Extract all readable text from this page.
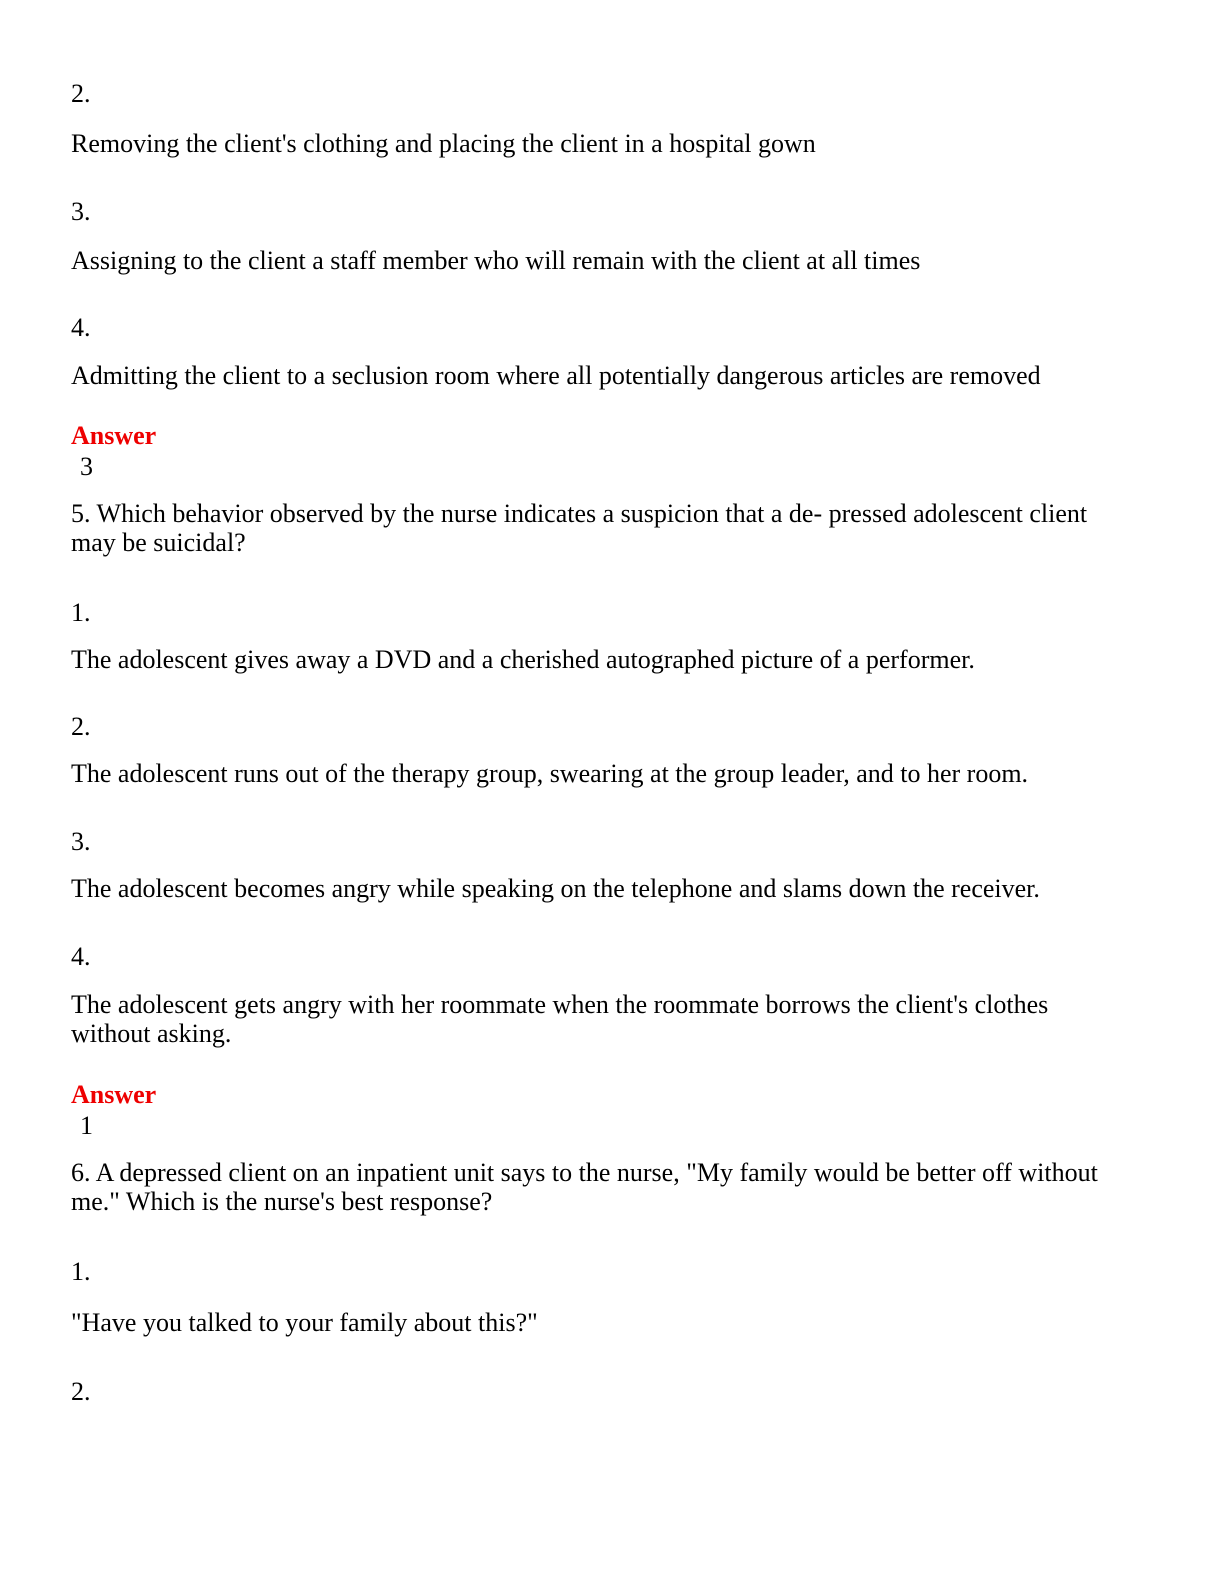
2.

Removing the client's clothing and placing the client in a hospital gown

3.

Assigning to the client a staff member who will remain with the client at all times

4.

Admitting the client to a seclusion room where all potentially dangerous articles are removed

Answer

3

5. Which behavior observed by the nurse indicates a suspicion that a de- pressed adolescent client may be suicidal?

1.

The adolescent gives away a DVD and a cherished autographed picture of a performer.

2.

The adolescent runs out of the therapy group, swearing at the group leader, and to her room.

3.

The adolescent becomes angry while speaking on the telephone and slams down the receiver.

4.

The adolescent gets angry with her roommate when the roommate borrows the client's clothes without asking.

Answer

1

6. A depressed client on an inpatient unit says to the nurse, "My family would be better off without me." Which is the nurse's best response?

1.

"Have you talked to your family about this?"

2.
